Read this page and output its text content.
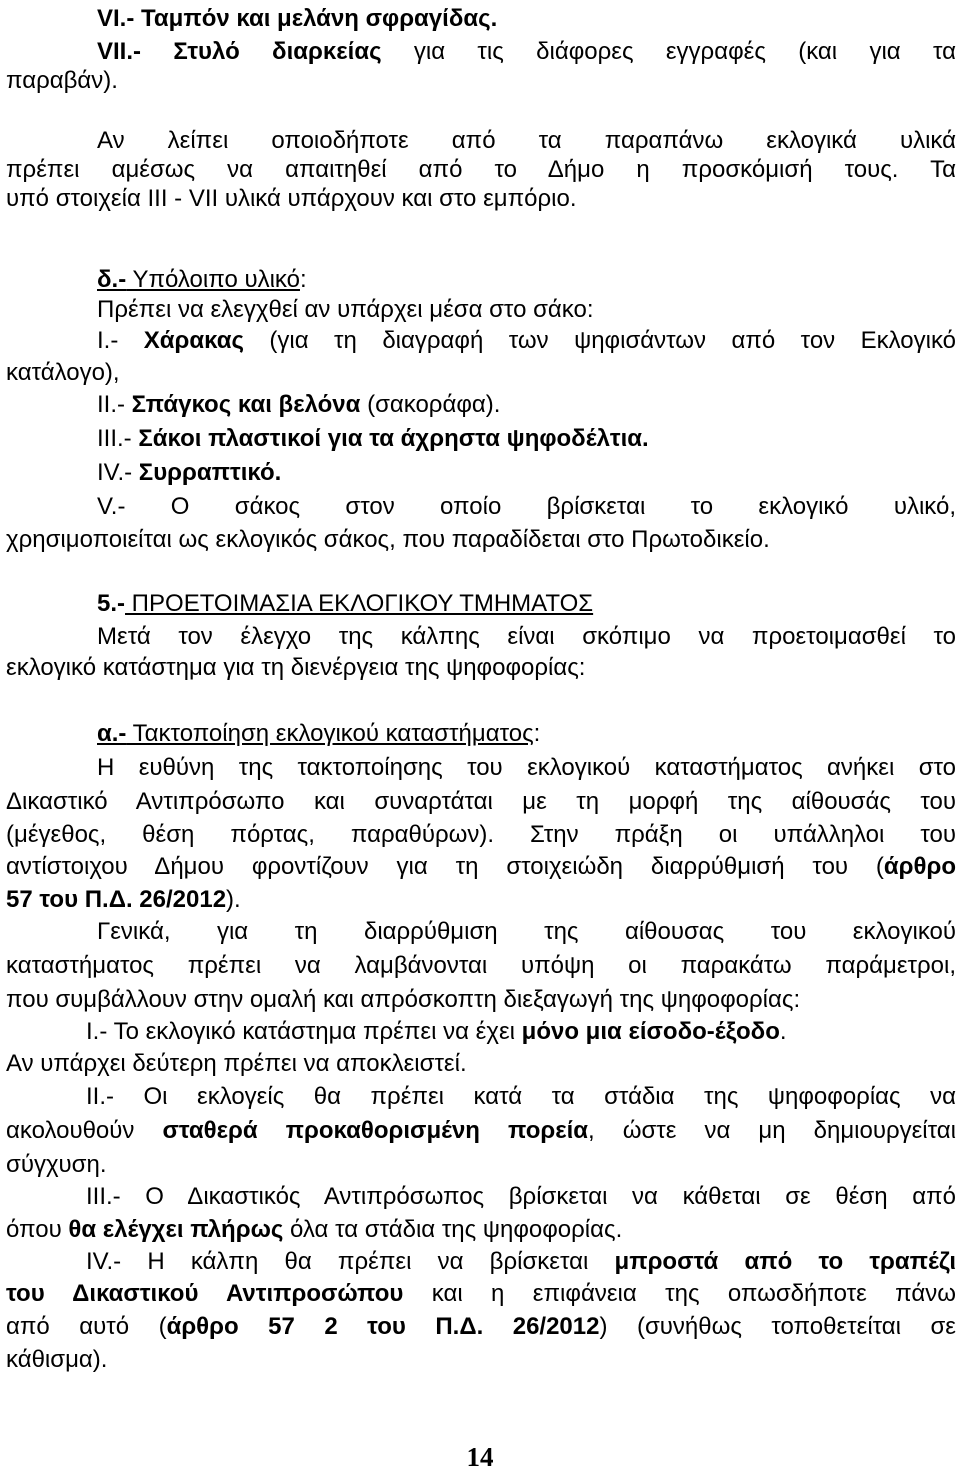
VI.- Ταμπόν και μελάνη σφραγίδας.

VII.- Στυλό διαρκείας για τις διάφορες εγγραφές (και για τα

παραβάν).

Αν λείπει οποιοδήποτε από τα παραπάνω εκλογικά υλικά

πρέπει αμέσως να απαιτηθεί από το Δήμο η προσκόμισή τους. Τα

υπό στοιχεία ΙΙΙ - VII υλικά υπάρχουν και στο εμπόριο.

δ.- Υπόλοιπο υλικό:

Πρέπει να ελεγχθεί αν υπάρχει μέσα στο σάκο:

Ι.- Χάρακας (για τη διαγραφή των ψηφισάντων από τον Εκλογικό

κατάλογο),

ΙΙ.- Σπάγκος και βελόνα (σακοράφα).

ΙΙΙ.- Σάκοι πλαστικοί για τα άχρηστα ψηφοδέλτια.

ΙV.- Συρραπτικό.

V.- Ο σάκος στον οποίο βρίσκεται το εκλογικό υλικό,

χρησιμοποιείται ως εκλογικός σάκος, που παραδίδεται στο Πρωτοδικείο.

5.- ΠΡΟΕΤΟΙΜΑΣΙΑ ΕΚΛΟΓΙΚΟΥ ΤΜΗΜΑΤΟΣ

Μετά τον έλεγχο της κάλπης είναι σκόπιμο να προετοιμασθεί το

εκλογικό κατάστημα για τη διενέργεια της ψηφοφορίας:

α.- Τακτοποίηση εκλογικού καταστήματος:

Η ευθύνη της τακτοποίησης του εκλογικού καταστήματος ανήκει στο

Δικαστικό Αντιπρόσωπο και συναρτάται με τη μορφή της αίθουσάς του

(μέγεθος, θέση πόρτας, παραθύρων). Στην πράξη οι υπάλληλοι του

αντίστοιχου Δήμου φροντίζουν για τη στοιχειώδη διαρρύθμισή του (άρθρο

57 του Π.Δ. 26/2012).

Γενικά, για τη διαρρύθμιση της αίθουσας του εκλογικού

καταστήματος πρέπει να λαμβάνονται υπόψη οι παρακάτω παράμετροι,

που συμβάλλουν στην ομαλή και απρόσκοπτη διεξαγωγή της ψηφοφορίας:

Ι.- Το εκλογικό κατάστημα πρέπει να έχει μόνο μια είσοδο-έξοδο.

Αν υπάρχει δεύτερη πρέπει να αποκλειστεί.

ΙΙ.- Οι εκλογείς θα πρέπει κατά τα στάδια της ψηφοφορίας να

ακολουθούν σταθερά προκαθορισμένη πορεία, ώστε να μη δημιουργείται

σύγχυση.

ΙΙΙ.- Ο Δικαστικός Αντιπρόσωπος βρίσκεται να κάθεται σε θέση από

όπου θα ελέγχει πλήρως όλα τα στάδια της ψηφοφορίας.

ΙV.- Η κάλπη θα πρέπει να βρίσκεται μπροστά από το τραπέζι

του Δικαστικού Αντιπροσώπου και η επιφάνεια της οπωσδήποτε πάνω

από αυτό (άρθρο 57 2 του Π.Δ. 26/2012) (συνήθως τοποθετείται σε

κάθισμα).

14
